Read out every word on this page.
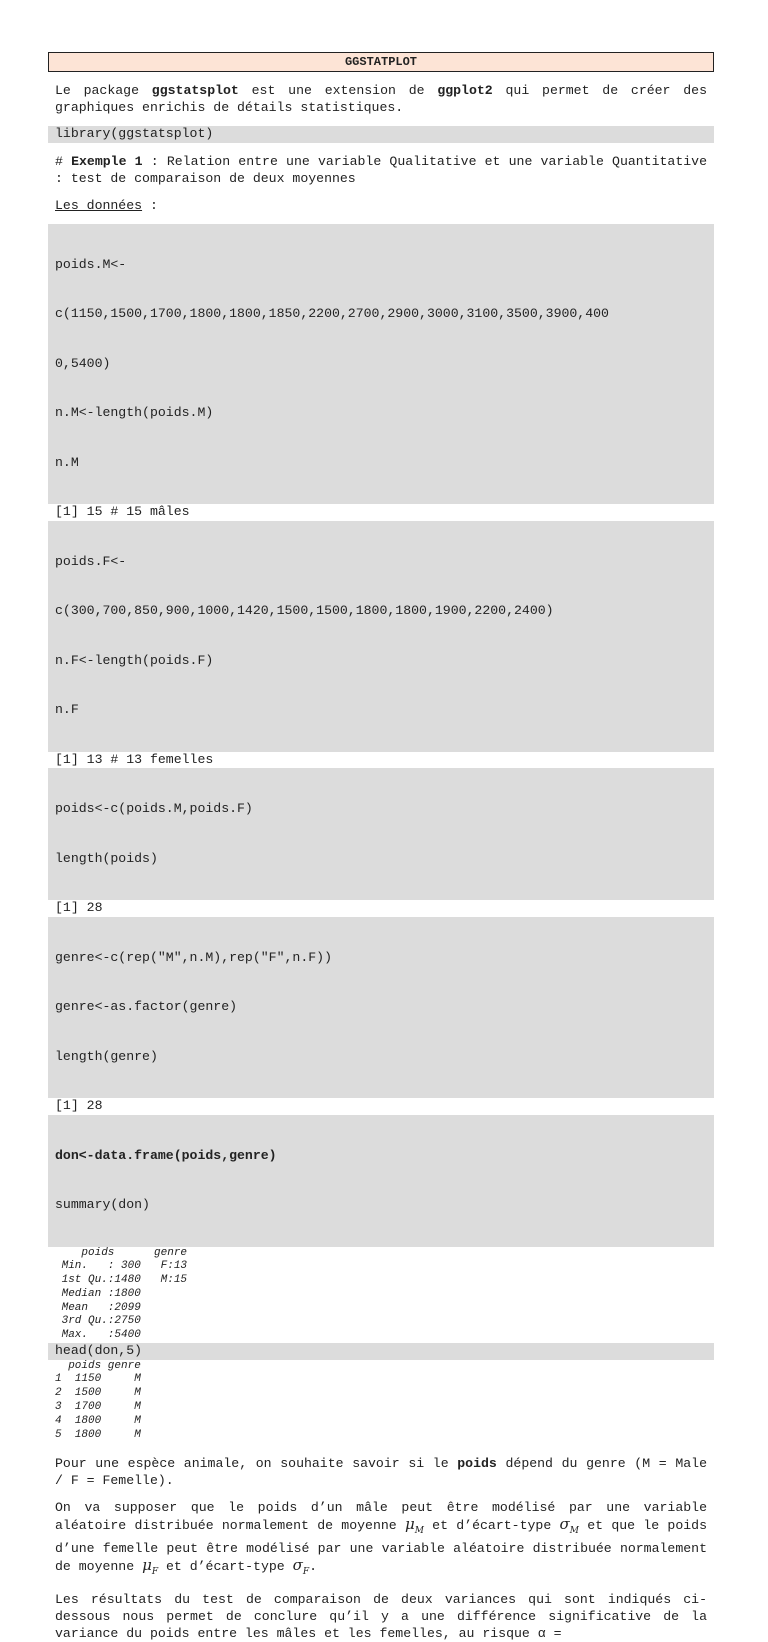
GGSTATPLOT

Le package ggstatsplot est une extension de ggplot2 qui permet de créer des graphiques enrichis de détails statistiques.

library(ggstatsplot)

# Exemple 1 : Relation entre une variable Qualitative et une variable Quantitative : test de comparaison de deux moyennes

Les données :

poids.M<-

c(1150,1500,1700,1800,1800,1850,2200,2700,2900,3000,3100,3500,3900,400

0,5400)

n.M<-length(poids.M)

n.M

[1] 15 # 15 mâles

poids.F<-

c(300,700,850,900,1000,1420,1500,1500,1800,1800,1900,2200,2400)

n.F<-length(poids.F)

n.F

[1] 13 # 13 femelles

poids<-c(poids.M,poids.F)

length(poids)

[1] 28

genre<-c(rep("M",n.M),rep("F",n.F))

genre<-as.factor(genre)

length(genre)

[1] 28

don<-data.frame(poids,genre)

summary(don)

poids      genre
Min.   : 300   F:13
1st Qu.:1480   M:15
Median :1800
Mean   :2099
3rd Qu.:2750
Max.   :5400
head(don,5)
poids genre
1  1150     M
2  1500     M
3  1700     M
4  1800     M
5  1800     M

Pour une espèce animale, on souhaite savoir si le poids dépend du genre (M = Male / F = Femelle).

On va supposer que le poids d’un mâle peut être modélisé par une variable aléatoire distribuée normalement de moyenne $\mu_M$ et d’écart-type $\sigma_M$ et que le poids d’une femelle peut être modélisé par une variable aléatoire distribuée normalement de moyenne $\mu_F$ et d’écart-type $\sigma_F$.

Les résultats du test de comparaison de deux variances qui sont indiqués ci-dessous nous permet de conclure qu’il y a une différence significative de la variance du poids entre les mâles et les femelles, au risque α =
